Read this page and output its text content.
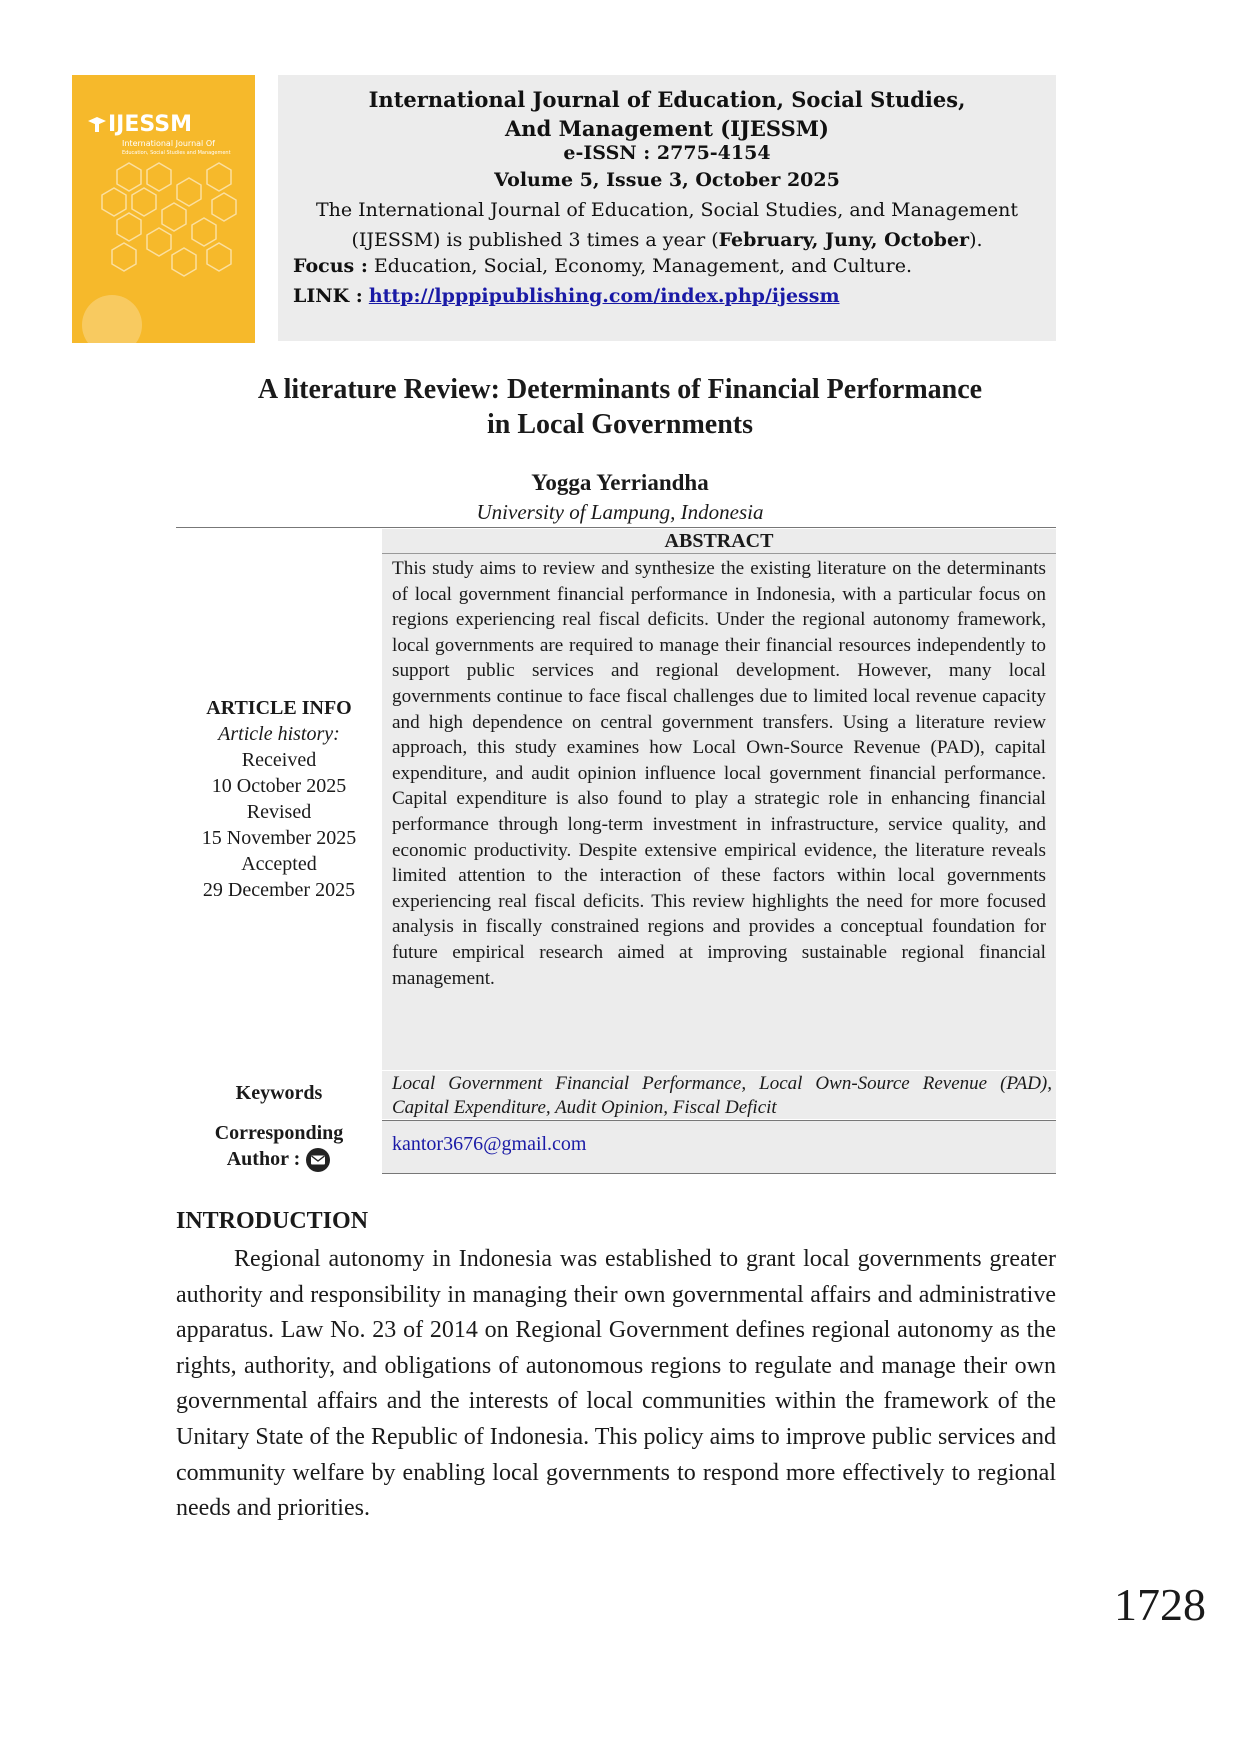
IJESSM
International Journal Of
Education, Social Studies and Management
International Journal of Education, Social Studies,
And Management (IJESSM)
e-ISSN : 2775-4154
Volume 5, Issue 3, October 2025
The International Journal of Education, Social Studies, and Management
(IJESSM) is published 3 times a year (February, Juny, October).
Focus : Education, Social, Economy, Management, and Culture.
LINK : http://lpppipublishing.com/index.php/ijessm
A literature Review: Determinants of Financial Performance
in Local Governments
Yogga Yerriandha
University of Lampung, Indonesia
ABSTRACT
This study aims to review and synthesize the existing literature on the determinants of local government financial performance in Indonesia, with a particular focus on regions experiencing real fiscal deficits. Under the regional autonomy framework, local governments are required to manage their financial resources independently to support public services and regional development. However, many local governments continue to face fiscal challenges due to limited local revenue capacity and high dependence on central government transfers. Using a literature review approach, this study examines how Local Own-Source Revenue (PAD), capital expenditure, and audit opinion influence local government financial performance. Capital expenditure is also found to play a strategic role in enhancing financial performance through long-term investment in infrastructure, service quality, and economic productivity. Despite extensive empirical evidence, the literature reveals limited attention to the interaction of these factors within local governments experiencing real fiscal deficits. This review highlights the need for more focused analysis in fiscally constrained regions and provides a conceptual foundation for future empirical research aimed at improving sustainable regional financial management.
Local Government Financial Performance, Local Own-Source Revenue (PAD), Capital Expenditure, Audit Opinion, Fiscal Deficit
kantor3676@gmail.com
ARTICLE INFO
Article history:
Received
10 October 2025
Revised
15 November 2025
Accepted
29 December 2025
Keywords
Corresponding
Author :
INTRODUCTION

Regional autonomy in Indonesia was established to grant local governments greater authority and responsibility in managing their own governmental affairs and administrative apparatus. Law No. 23 of 2014 on Regional Government defines regional autonomy as the rights, authority, and obligations of autonomous regions to regulate and manage their own governmental affairs and the interests of local communities within the framework of the Unitary State of the Republic of Indonesia. This policy aims to improve public services and community welfare by enabling local governments to respond more effectively to regional needs and priorities.

1728
